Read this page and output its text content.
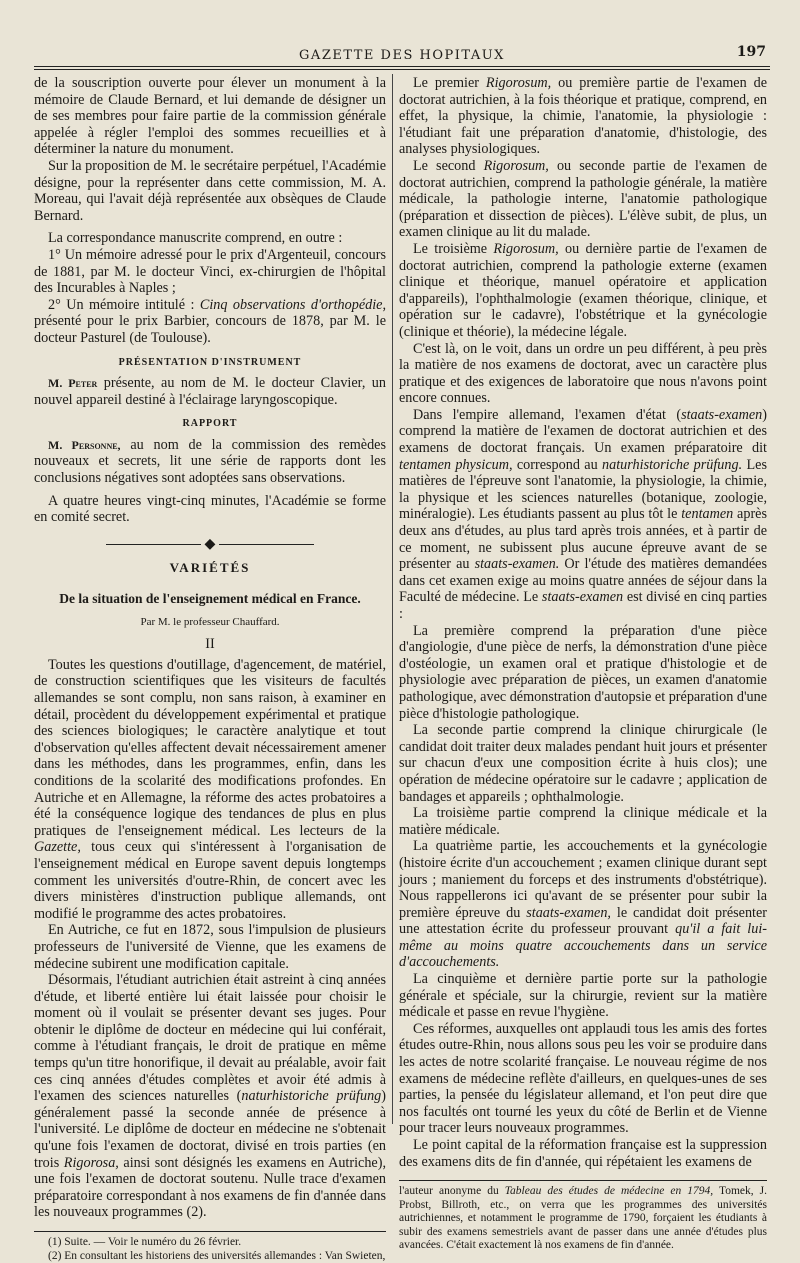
GAZETTE DES HOPITAUX	197

de la souscription ouverte pour élever un monument à la mémoire de Claude Bernard, et lui demande de désigner un de ses membres pour faire partie de la commission générale appelée à régler l'emploi des sommes recueillies et à déterminer la nature du monument.

Sur la proposition de M. le secrétaire perpétuel, l'Académie désigne, pour la représenter dans cette commission, M. A. Moreau, qui l'avait déjà représentée aux obsèques de Claude Bernard.

La correspondance manuscrite comprend, en outre :

1° Un mémoire adressé pour le prix d'Argenteuil, concours de 1881, par M. le docteur Vinci, ex-chirurgien de l'hôpital des Incurables à Naples ;

2° Un mémoire intitulé : Cinq observations d'orthopédie, présenté pour le prix Barbier, concours de 1878, par M. le docteur Pasturel (de Toulouse).

PRÉSENTATION D'INSTRUMENT

M. Peter présente, au nom de M. le docteur Clavier, un nouvel appareil destiné à l'éclairage laryngoscopique.

RAPPORT

M. Personne, au nom de la commission des remèdes nouveaux et secrets, lit une série de rapports dont les conclusions négatives sont adoptées sans observations.

A quatre heures vingt-cinq minutes, l'Académie se forme en comité secret.

◆
VARIÉTÉS
De la situation de l'enseignement médical en France.
Par M. le professeur Chauffard.
II

Toutes les questions d'outillage, d'agencement, de matériel, de construction scientifiques que les visiteurs de facultés allemandes se sont complu, non sans raison, à examiner en détail, procèdent du développement expérimental et pratique des sciences biologiques; le caractère analytique et tout d'observation qu'elles affectent devait nécessairement amener dans les méthodes, dans les programmes, enfin, dans les conditions de la scolarité des modifications profondes. En Autriche et en Allemagne, la réforme des actes probatoires a été la conséquence logique des tendances de plus en plus pratiques de l'enseignement médical. Les lecteurs de la Gazette, tous ceux qui s'intéressent à l'organisation de l'enseignement médical en Europe savent depuis longtemps comment les universités d'outre-Rhin, de concert avec les divers ministères d'instruction publique allemands, ont modifié le programme des actes probatoires.

En Autriche, ce fut en 1872, sous l'impulsion de plusieurs professeurs de l'université de Vienne, que les examens de médecine subirent une modification capitale.

Désormais, l'étudiant autrichien était astreint à cinq années d'étude, et liberté entière lui était laissée pour choisir le moment où il voulait se présenter devant ses juges. Pour obtenir le diplôme de docteur en médecine qui lui conférait, comme à l'étudiant français, le droit de pratique en même temps qu'un titre honorifique, il devait au préalable, avoir fait ces cinq années d'études complètes et avoir été admis à l'examen des sciences naturelles (naturhistoriche prüfung) généralement passé la seconde année de présence à l'université. Le diplôme de docteur en médecine ne s'obtenait qu'une fois l'examen de doctorat, divisé en trois parties (en trois Rigorosa, ainsi sont désignés les examens en Autriche), une fois l'examen de doctorat soutenu. Nulle trace d'examen préparatoire correspondant à nos examens de fin d'année dans les nouveaux programmes (2).

(1) Suite. — Voir le numéro du 26 février.

(2) En consultant les historiens des universités allemandes : Van Swieten,

Le premier Rigorosum, ou première partie de l'examen de doctorat autrichien, à la fois théorique et pratique, comprend, en effet, la physique, la chimie, l'anatomie, la physiologie : l'étudiant fait une préparation d'anatomie, d'histologie, des analyses physiologiques.

Le second Rigorosum, ou seconde partie de l'examen de doctorat autrichien, comprend la pathologie générale, la matière médicale, la pathologie interne, l'anatomie pathologique (préparation et dissection de pièces). L'élève subit, de plus, un examen clinique au lit du malade.

Le troisième Rigorosum, ou dernière partie de l'examen de doctorat autrichien, comprend la pathologie externe (examen clinique et théorique, manuel opératoire et application d'appareils), l'ophthalmologie (examen théorique, clinique, et opération sur le cadavre), l'obstétrique et la gynécologie (clinique et théorie), la médecine légale.

C'est là, on le voit, dans un ordre un peu différent, à peu près la matière de nos examens de doctorat, avec un caractère plus pratique et des exigences de laboratoire que nous n'avons point encore connues.

Dans l'empire allemand, l'examen d'état (staats-examen) comprend la matière de l'examen de doctorat autrichien et des examens de doctorat français. Un examen préparatoire dit tentamen physicum, correspond au naturhistoriche prüfung. Les matières de l'épreuve sont l'anatomie, la physiologie, la chimie, la physique et les sciences naturelles (botanique, zoologie, minéralogie). Les étudiants passent au plus tôt le tentamen après deux ans d'études, au plus tard après trois années, et à partir de ce moment, ne subissent plus aucune épreuve avant de se présenter au staats-examen. Or l'étude des matières demandées dans cet examen exige au moins quatre années de séjour dans la Faculté de médecine. Le staats-examen est divisé en cinq parties :

La première comprend la préparation d'une pièce d'angiologie, d'une pièce de nerfs, la démonstration d'une pièce d'ostéologie, un examen oral et pratique d'histologie et de physiologie avec préparation de pièces, un examen d'anatomie pathologique, avec démonstration d'autopsie et préparation d'une pièce d'histologie pathologique.

La seconde partie comprend la clinique chirurgicale (le candidat doit traiter deux malades pendant huit jours et présenter sur chacun d'eux une composition écrite à huis clos); une opération de médecine opératoire sur le cadavre ; application de bandages et appareils ; ophthalmologie.

La troisième partie comprend la clinique médicale et la matière médicale.

La quatrième partie, les accouchements et la gynécologie (histoire écrite d'un accouchement ; examen clinique durant sept jours ; maniement du forceps et des instruments d'obstétrique). Nous rappellerons ici qu'avant de se présenter pour subir la première épreuve du staats-examen, le candidat doit présenter une attestation écrite du professeur prouvant qu'il a fait lui-même au moins quatre accouchements dans un service d'accouchements.

La cinquième et dernière partie porte sur la pathologie générale et spéciale, sur la chirurgie, revient sur la matière médicale et passe en revue l'hygiène.

Ces réformes, auxquelles ont applaudi tous les amis des fortes études outre-Rhin, nous allons sous peu les voir se produire dans les actes de notre scolarité française. Le nouveau régime de nos examens de médecine reflète d'ailleurs, en quelques-unes de ses parties, la pensée du législateur allemand, et l'on peut dire que nos facultés ont tourné les yeux du côté de Berlin et de Vienne pour tracer leurs nouveaux programmes.

Le point capital de la réformation française est la suppression des examens dits de fin d'année, qui répétaient les examens de

l'auteur anonyme du Tableau des études de médecine en 1794, Tomek, J. Probst, Billroth, etc., on verra que les programmes des universités autrichiennes, et notamment le programme de 1790, forçaient les étudiants à subir des examens semestriels avant de passer dans une année d'études plus avancées. C'était exactement là nos examens de fin d'année.
